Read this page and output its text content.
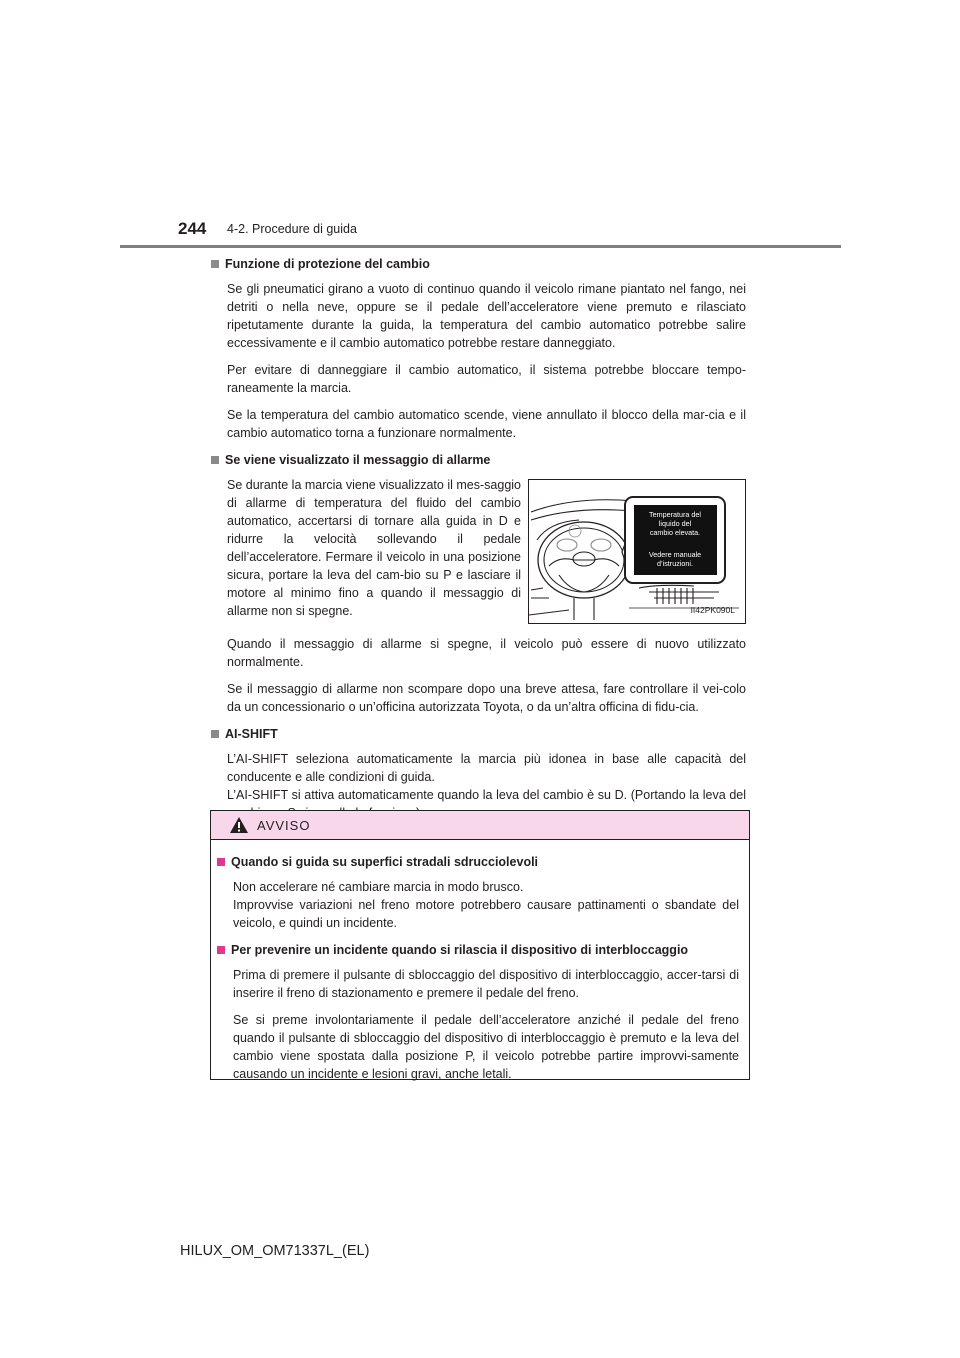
244 4-2. Procedure di guida
Funzione di protezione del cambio

Se gli pneumatici girano a vuoto di continuo quando il veicolo rimane piantato nel fango, nei detriti o nella neve, oppure se il pedale dell’acceleratore viene premuto e rilasciato ripetutamente durante la guida, la temperatura del cambio automatico potrebbe salire eccessivamente e il cambio automatico potrebbe restare danneggiato.

Per evitare di danneggiare il cambio automatico, il sistema potrebbe bloccare tempo-raneamente la marcia.

Se la temperatura del cambio automatico scende, viene annullato il blocco della mar-cia e il cambio automatico torna a funzionare normalmente.

Se viene visualizzato il messaggio di allarme

Se durante la marcia viene visualizzato il mes-saggio di allarme di temperatura del fluido del cambio automatico, accertarsi di tornare alla guida in D e ridurre la velocità sollevando il pedale dell’acceleratore. Fermare il veicolo in una posizione sicura, portare la leva del cam-bio su P e lasciare il motore al minimo fino a quando il messaggio di allarme non si spegne.

Temperatura del
liquido del
cambio elevata.
Vedere manuale
d’istruzioni.
II42PK090L

Quando il messaggio di allarme si spegne, il veicolo può essere di nuovo utilizzato normalmente.

Se il messaggio di allarme non scompare dopo una breve attesa, fare controllare il vei-colo da un concessionario o un’officina autorizzata Toyota, o da un’altra officina di fidu-cia.

AI-SHIFT

L’AI-SHIFT seleziona automaticamente la marcia più idonea in base alle capacità del conducente e alle condizioni di guida.

L’AI-SHIFT si attiva automaticamente quando la leva del cambio è su D. (Portando la leva del

AVVISO
Quando si guida su superfici stradali sdrucciolevoli

Non accelerare né cambiare marcia in modo brusco.

Improvvise variazioni nel freno motore potrebbero causare pattinamenti o sbandate del veicolo, e quindi un incidente.

Per prevenire un incidente quando si rilascia il dispositivo di interbloccaggio

Prima di premere il pulsante di sbloccaggio del dispositivo di interbloccaggio, accer-tarsi di inserire il freno di stazionamento e premere il pedale del freno.

Se si preme involontariamente il pedale dell’acceleratore anziché il pedale del freno quando il pulsante di sbloccaggio del dispositivo di interbloccaggio è premuto e la leva del cambio viene spostata dalla posizione P, il veicolo potrebbe partire improvvi-samente causando un incidente e lesioni gravi, anche letali.

HILUX_OM_OM71337L_(EL)
